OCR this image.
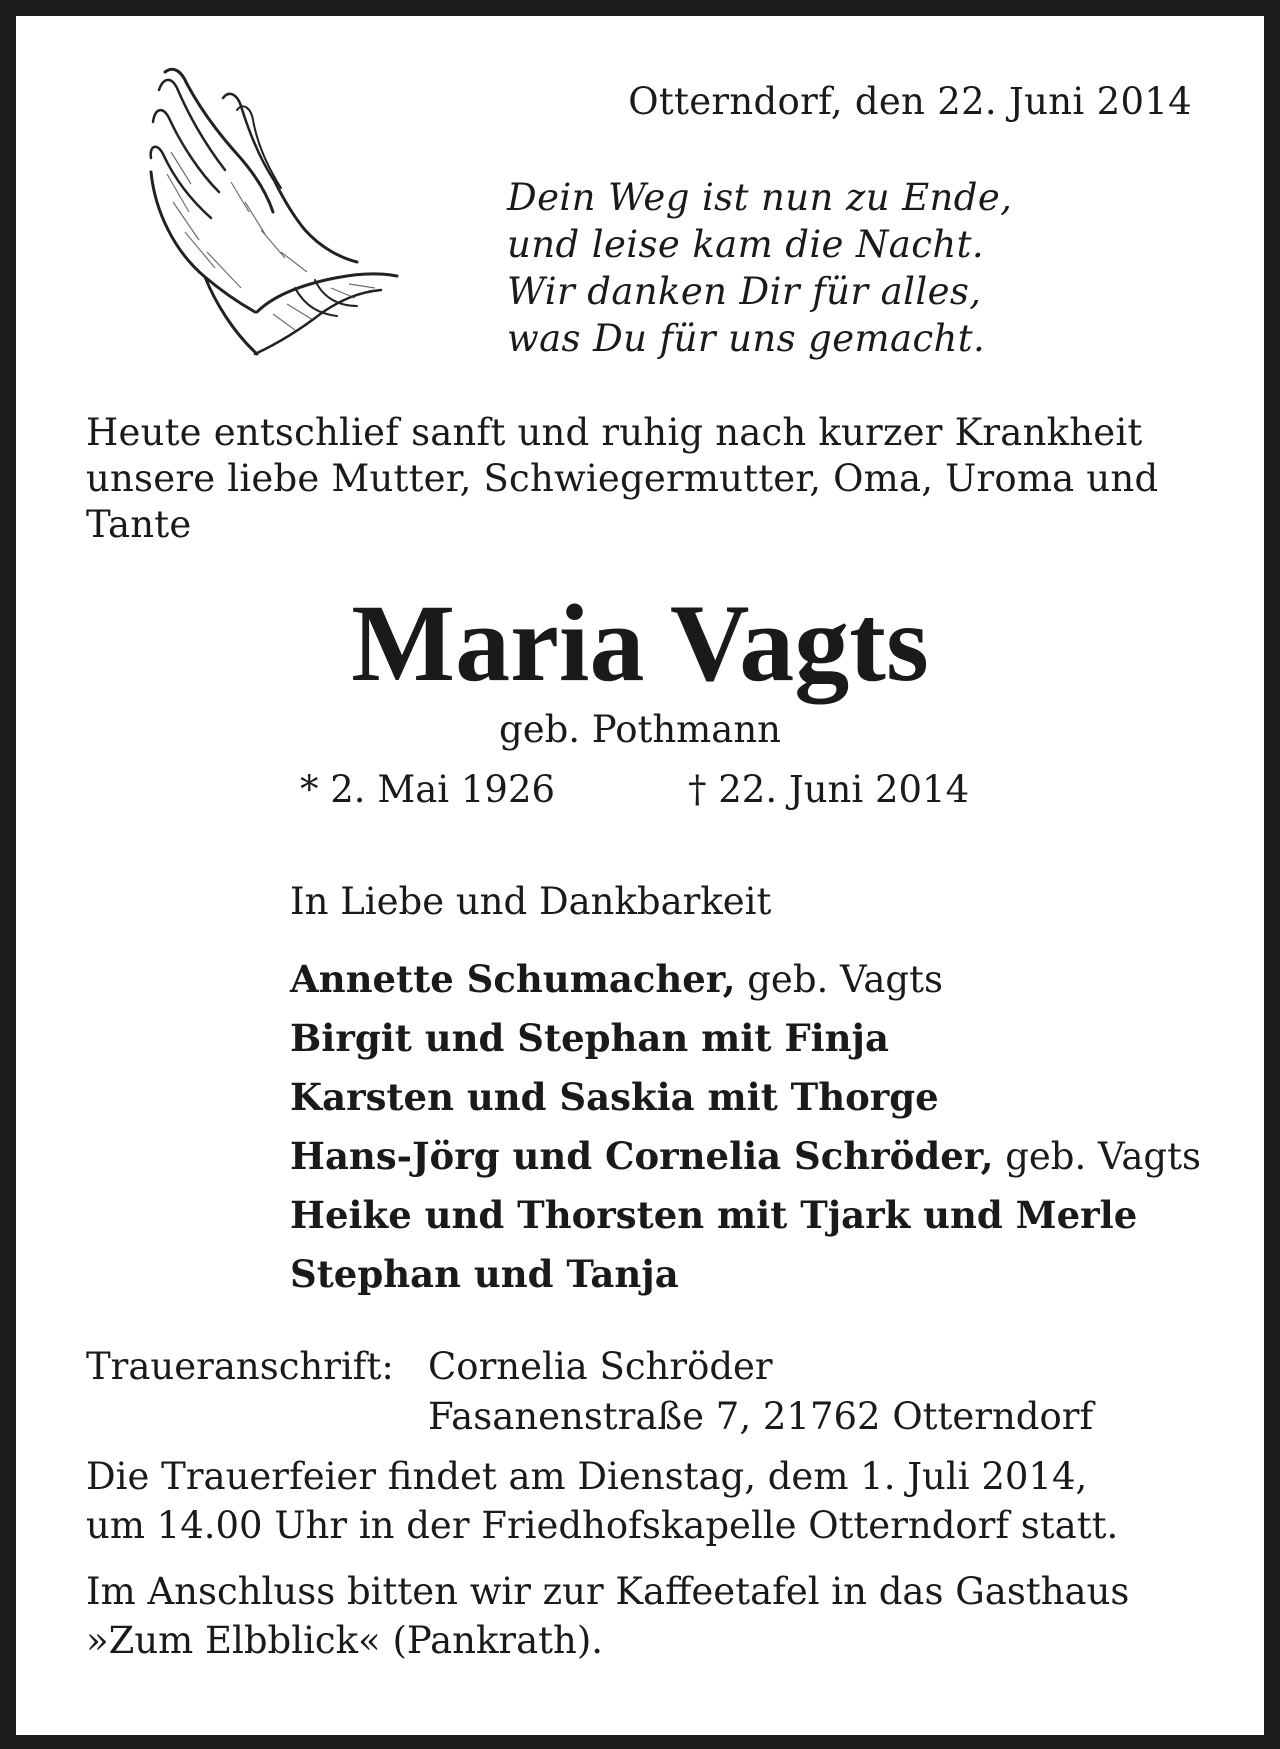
Otterndorf, den 22. Juni 2014
Dein Weg ist nun zu Ende,
und leise kam die Nacht.
Wir danken Dir für alles,
was Du für uns gemacht.
Heute entschlief sanft und ruhig nach kurzer Krankheit
unsere liebe Mutter, Schwiegermutter, Oma, Uroma und
Tante
Maria Vagts
geb. Pothmann
* 2. Mai 1926	† 22. Juni 2014
In Liebe und Dankbarkeit
Annette Schumacher, geb. Vagts
Birgit und Stephan mit Finja
Karsten und Saskia mit Thorge
Hans-Jörg und Cornelia Schröder, geb. Vagts
Heike und Thorsten mit Tjark und Merle
Stephan und Tanja
Traueranschrift: Cornelia Schröder
Fasanenstraße 7, 21762 Otterndorf
Die Trauerfeier findet am Dienstag, dem 1. Juli 2014,
um 14.00 Uhr in der Friedhofskapelle Otterndorf statt.
Im Anschluss bitten wir zur Kaffeetafel in das Gasthaus
»Zum Elbblick« (Pankrath).
